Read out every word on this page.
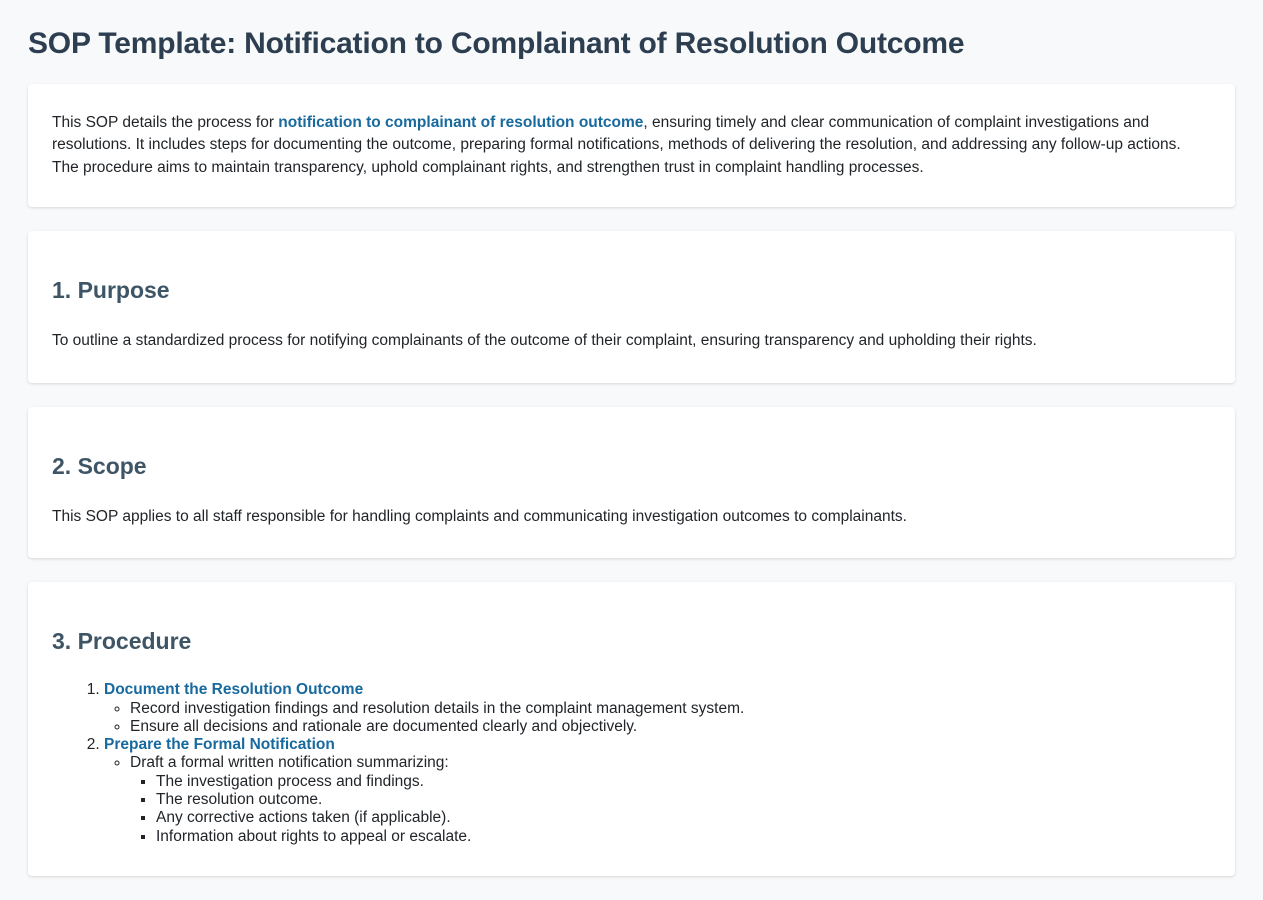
SOP Template: Notification to Complainant of Resolution Outcome

This SOP details the process for notification to complainant of resolution outcome, ensuring timely and clear communication of complaint investigations and resolutions. It includes steps for documenting the outcome, preparing formal notifications, methods of delivering the resolution, and addressing any follow-up actions. The procedure aims to maintain transparency, uphold complainant rights, and strengthen trust in complaint handling processes.

1. Purpose

To outline a standardized process for notifying complainants of the outcome of their complaint, ensuring transparency and upholding their rights.

2. Scope

This SOP applies to all staff responsible for handling complaints and communicating investigation outcomes to complainants.

3. Procedure
1. Document the Resolution Outcome
◦ Record investigation findings and resolution details in the complaint management system.
◦ Ensure all decisions and rationale are documented clearly and objectively.
2. Prepare the Formal Notification
◦ Draft a formal written notification summarizing:
▪ The investigation process and findings.
▪ The resolution outcome.
▪ Any corrective actions taken (if applicable).
▪ Information about rights to appeal or escalate.
